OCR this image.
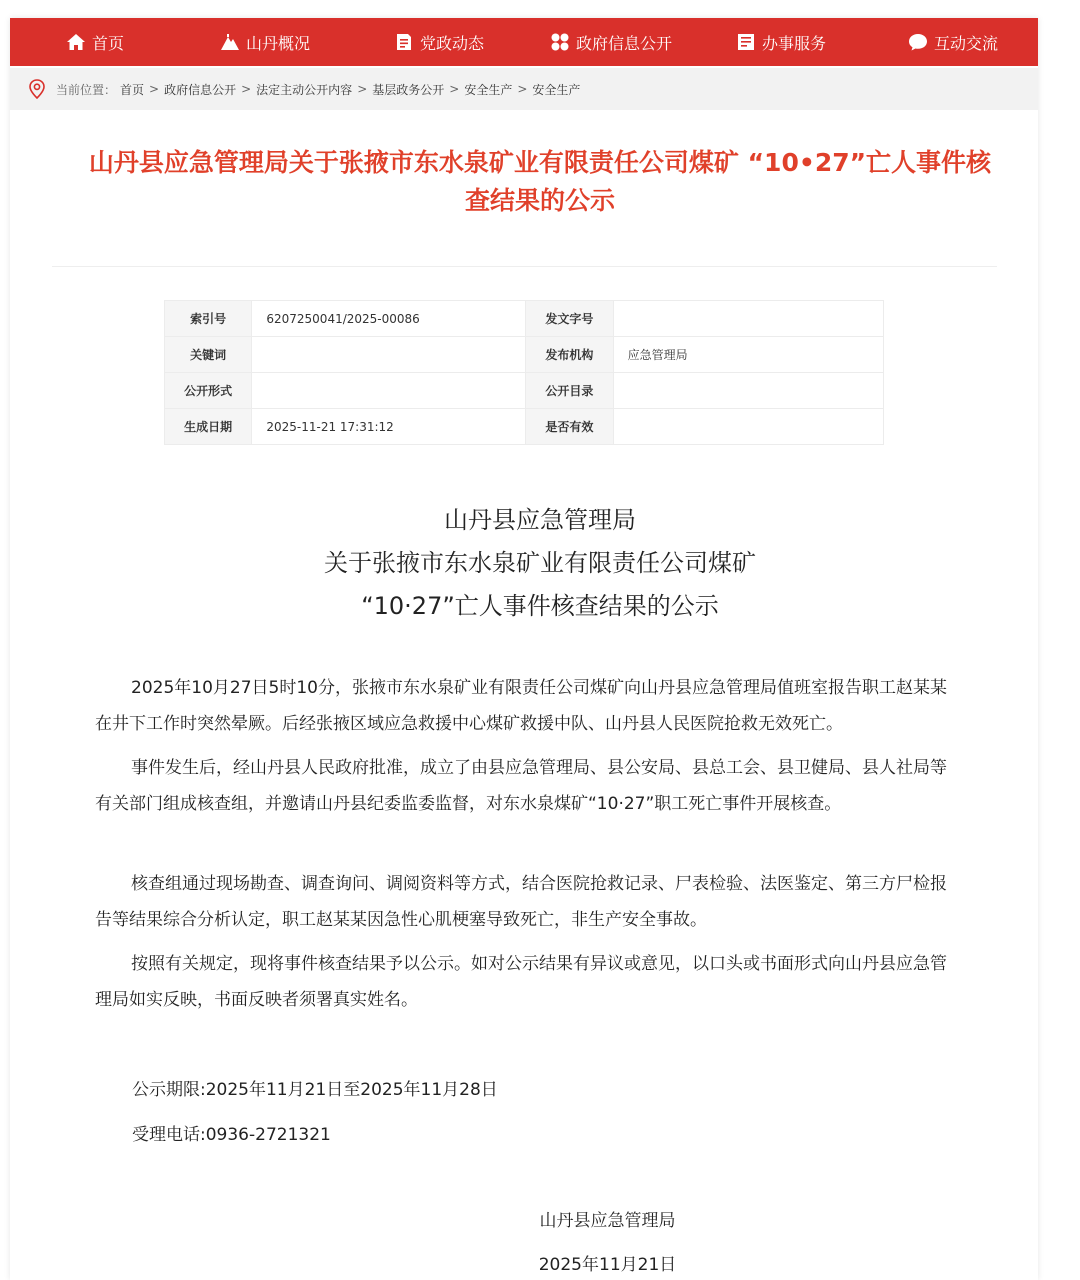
首页	山丹概况	党政动态	政府信息公开	办事服务	互动交流
当前位置： 首页 > 政府信息公开 > 法定主动公开内容 > 基层政务公开 > 安全生产 > 安全生产
山丹县应急管理局关于张掖市东水泉矿业有限责任公司煤矿 “10•27”亡人事件核
查结果的公示
索引号	6207250041/2025-00086	发文字号	
关键词		发布机构	应急管理局
公开形式		公开目录	
生成日期	2025-11-21 17:31:12	是否有效	
山丹县应急管理局
关于张掖市东水泉矿业有限责任公司煤矿
“10·27”亡人事件核查结果的公示

2025年10月27日5时10分，张掖市东水泉矿业有限责任公司煤矿向山丹县应急管理局值班室报告职工赵某某在井下工作时突然晕厥。后经张掖区域应急救援中心煤矿救援中队、山丹县人民医院抢救无效死亡。

事件发生后，经山丹县人民政府批准，成立了由县应急管理局、县公安局、县总工会、县卫健局、县人社局等有关部门组成核查组，并邀请山丹县纪委监委监督，对东水泉煤矿“10·27”职工死亡事件开展核查。

核查组通过现场勘查、调查询问、调阅资料等方式，结合医院抢救记录、尸表检验、法医鉴定、第三方尸检报告等结果综合分析认定，职工赵某某因急性心肌梗塞导致死亡，非生产安全事故。

按照有关规定，现将事件核查结果予以公示。如对公示结果有异议或意见，以口头或书面形式向山丹县应急管理局如实反映，书面反映者须署真实姓名。

公示期限:2025年11月21日至2025年11月28日
受理电话:0936-2721321
山丹县应急管理局
2025年11月21日
